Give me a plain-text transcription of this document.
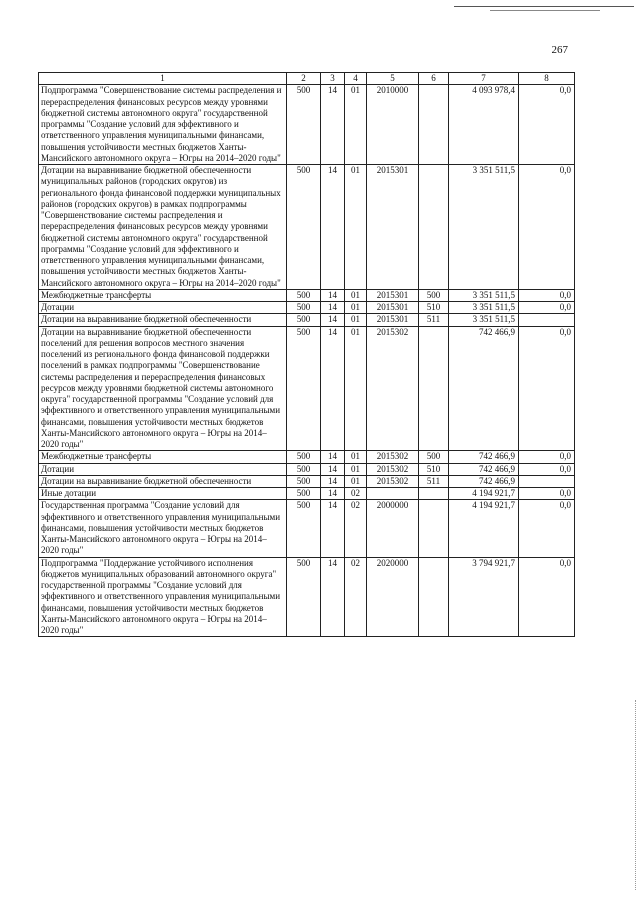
267
1	2	3	4	5	6	7	8
Подпрограмма "Совершенствование системы распределения и перераспределения финансовых ресурсов между уровнями бюджетной системы автономного округа" государственной программы "Создание условий для эффективного и ответственного управления муниципальными финансами, повышения устойчивости местных бюджетов Ханты-Мансийского автономного округа – Югры на 2014–2020 годы"	500	14	01	2010000		4 093 978,4	0,0
Дотации на выравнивание бюджетной обеспеченности муниципальных районов (городских округов) из регионального фонда финансовой поддержки муниципальных районов (городских округов) в рамках подпрограммы "Совершенствование системы распределения и перераспределения финансовых ресурсов между уровнями бюджетной системы автономного округа" государственной программы "Создание условий для эффективного и ответственного управления муниципальными финансами, повышения устойчивости местных бюджетов Ханты-Мансийского автономного округа – Югры на 2014–2020 годы"	500	14	01	2015301		3 351 511,5	0,0
Межбюджетные трансферты	500	14	01	2015301	500	3 351 511,5	0,0
Дотации	500	14	01	2015301	510	3 351 511,5	0,0
Дотации на выравнивание бюджетной обеспеченности	500	14	01	2015301	511	3 351 511,5	
Дотации на выравнивание бюджетной обеспеченности поселений для решения вопросов местного значения поселений из регионального фонда финансовой поддержки поселений в рамках подпрограммы "Совершенствование системы распределения и перераспределения финансовых ресурсов между уровнями бюджетной системы автономного округа" государственной программы "Создание условий для эффективного и ответственного управления муниципальными финансами, повышения устойчивости местных бюджетов Ханты-Мансийского автономного округа – Югры на 2014–2020 годы"	500	14	01	2015302		742 466,9	0,0
Межбюджетные трансферты	500	14	01	2015302	500	742 466,9	0,0
Дотации	500	14	01	2015302	510	742 466,9	0,0
Дотации на выравнивание бюджетной обеспеченности	500	14	01	2015302	511	742 466,9	
Иные дотации	500	14	02			4 194 921,7	0,0
Государственная программа "Создание условий для эффективного и ответственного управления муниципальными финансами, повышения устойчивости местных бюджетов Ханты-Мансийского автономного округа – Югры на 2014–2020 годы"	500	14	02	2000000		4 194 921,7	0,0
Подпрограмма "Поддержание устойчивого исполнения бюджетов муниципальных образований автономного округа" государственной программы "Создание условий для эффективного и ответственного управления муниципальными финансами, повышения устойчивости местных бюджетов Ханты-Мансийского автономного округа – Югры на 2014–2020 годы"	500	14	02	2020000		3 794 921,7	0,0
